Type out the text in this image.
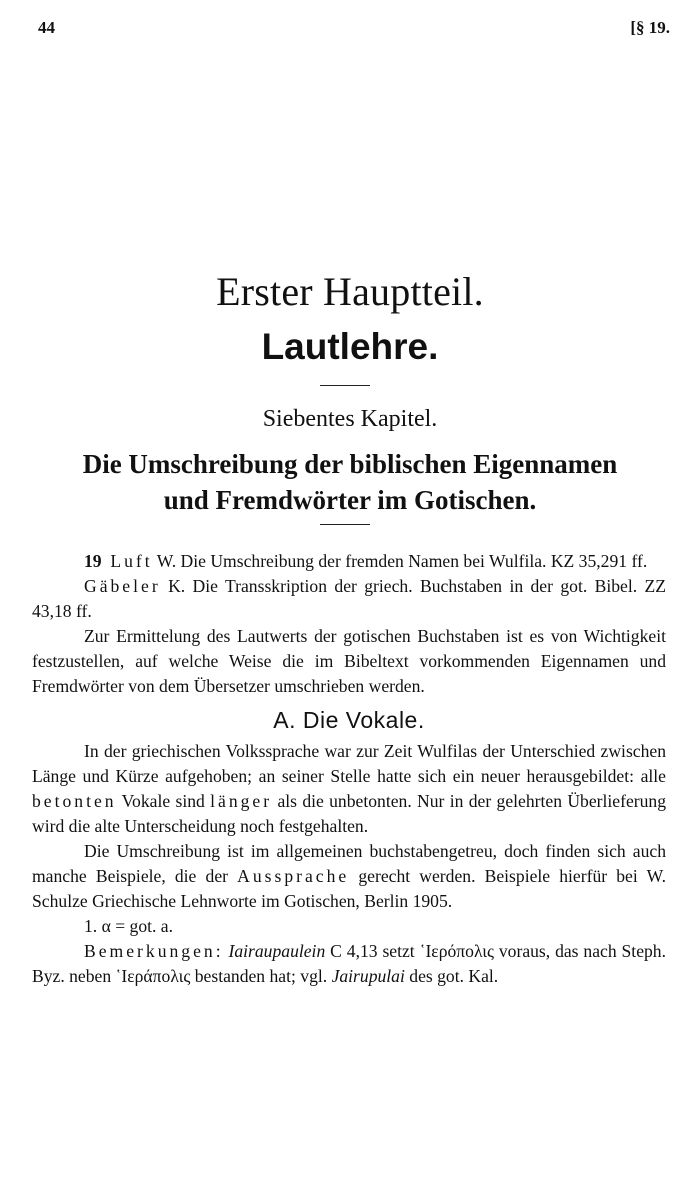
44	[§ 19.
Erster Hauptteil.
Lautlehre.
Siebentes Kapitel.
Die Umschreibung der biblischen Eigennamen
und Fremdwörter im Gotischen.

19 Luft W. Die Umschreibung der fremden Namen bei Wulfila. KZ 35,291 ff.

Gäbeler K. Die Transskription der griech. Buchstaben in der got. Bibel. ZZ 43,18 ff.

Zur Ermittelung des Lautwerts der gotischen Buchstaben ist es von Wichtigkeit festzustellen, auf welche Weise die im Bibeltext vorkommenden Eigennamen und Fremdwörter von dem Übersetzer umschrieben werden.

A. Die Vokale.

In der griechischen Volkssprache war zur Zeit Wulfilas der Unterschied zwischen Länge und Kürze aufgehoben; an seiner Stelle hatte sich ein neuer herausgebildet: alle betonten Vokale sind länger als die unbetonten. Nur in der gelehrten Überlieferung wird die alte Unterscheidung noch festgehalten.

Die Umschreibung ist im allgemeinen buchstabengetreu, doch finden sich auch manche Beispiele, die der Aussprache gerecht werden. Beispiele hierfür bei W. Schulze Griechische Lehnworte im Gotischen, Berlin 1905.

1. α = got. a.

Bemerkungen: Iairaupaulein C 4,13 setzt ῾Ιερόπολις voraus, das nach Steph. Byz. neben ῾Ιεράπολις bestanden hat; vgl. Jairupulai des got. Kal.
